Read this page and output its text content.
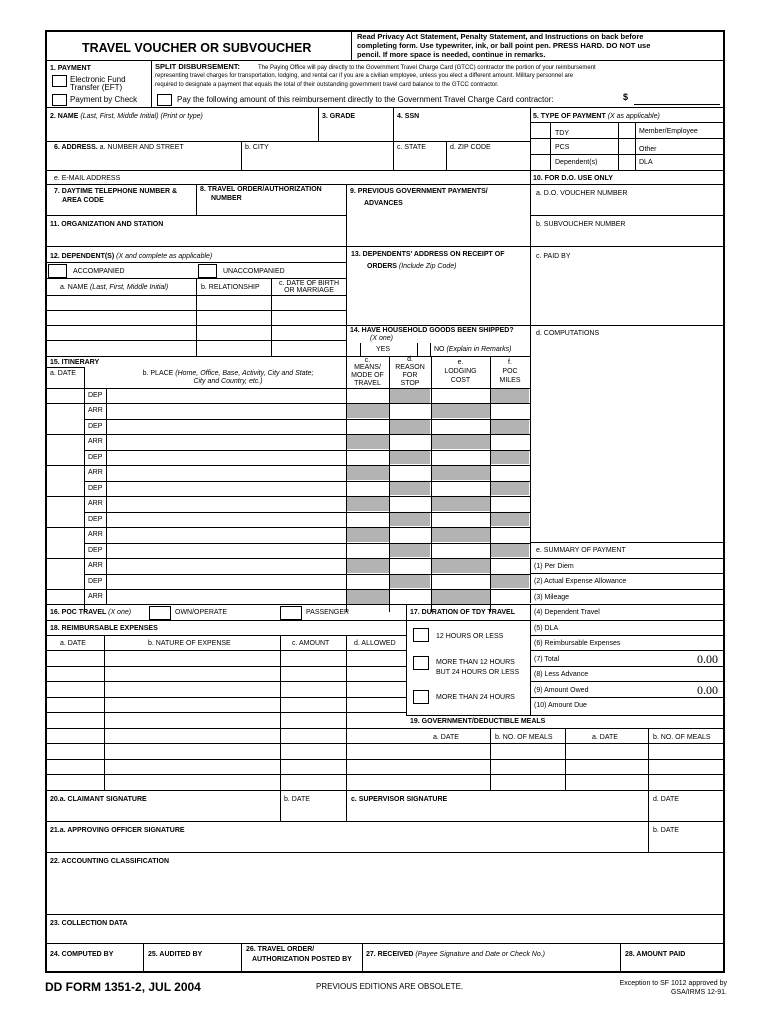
TRAVEL VOUCHER OR SUBVOUCHER
Read Privacy Act Statement, Penalty Statement, and Instructions on back before
completing form. Use typewriter, ink, or ball point pen. PRESS HARD. DO NOT use
pencil. If more space is needed, continue in remarks.
1. PAYMENT
Electronic Fund
Transfer (EFT)
Payment by Check
SPLIT DISBURSEMENT:	The Paying Office will pay directly to the Government Travel Charge Card (GTCC) contractor the portion of your reimbursement
representing travel charges for transportation, lodging, and rental car if you are a civilian employee, unless you elect a different amount. Military personnel are
required to designate a payment that equals the total of their outstanding government travel card balance to the GTCC contractor.
Pay the following amount of this reimbursement directly to the Government Travel Charge Card contractor:	$
2. NAME (Last, First, Middle Initial) (Print or type)	3. GRADE	4. SSN	5. TYPE OF PAYMENT (X as applicable)
TDY	Member/Employee
PCS	Other
Dependent(s)	DLA
6. ADDRESS. a. NUMBER AND STREET	b. CITY	c. STATE	d. ZIP CODE
e. E-MAIL ADDRESS	10. FOR D.O. USE ONLY
7. DAYTIME TELEPHONE NUMBER &
AREA CODE
8. TRAVEL ORDER/AUTHORIZATION
NUMBER
9. PREVIOUS GOVERNMENT PAYMENTS/
ADVANCES
a. D.O. VOUCHER NUMBER
11. ORGANIZATION AND STATION	b. SUBVOUCHER NUMBER
12. DEPENDENT(S) (X and complete as applicable)	13. DEPENDENTS' ADDRESS ON RECEIPT OF
ORDERS (Include Zip Code)
c. PAID BY
ACCOMPANIED	UNACCOMPANIED
a. NAME (Last, First, Middle Initial)	b. RELATIONSHIP
c. DATE OF BIRTH
OR MARRIAGE
14. HAVE HOUSEHOLD GOODS BEEN SHIPPED?
(X one)
d. COMPUTATIONS
YES	NO (Explain in Remarks)
15. ITINERARY
a. DATE	b. PLACE (Home, Office, Base, Activity, City and State;
City and Country, etc.)
c.
MEANS/
MODE OF
TRAVEL
d.
REASON
FOR
STOP
e.
LODGING
COST
f.
POC
MILES
DEP
ARR
DEP
ARR
DEP
ARR
DEP
ARR
DEP
ARR
DEP
ARR
DEP
ARR
e. SUMMARY OF PAYMENT
(1) Per Diem
(2) Actual Expense Allowance
(3) Mileage
(4) Dependent Travel
(5) DLA
(6) Reimbursable Expenses
(7) Total	0.00
(8) Less Advance
(9) Amount Owed	0.00
(10) Amount Due
16. POC TRAVEL (X one)	OWN/OPERATE	PASSENGER	17. DURATION OF TDY TRAVEL
18. REIMBURSABLE EXPENSES
a. DATE	b. NATURE OF EXPENSE	c. AMOUNT	d. ALLOWED
12 HOURS OR LESS
MORE THAN 12 HOURS
BUT 24 HOURS OR LESS
MORE THAN 24 HOURS
19. GOVERNMENT/DEDUCTIBLE MEALS
a. DATE	b. NO. OF MEALS	a. DATE	b. NO. OF MEALS
20.a. CLAIMANT SIGNATURE	b. DATE	c. SUPERVISOR SIGNATURE	d. DATE
21.a. APPROVING OFFICER SIGNATURE	b. DATE
22. ACCOUNTING CLASSIFICATION
23. COLLECTION DATA
24. COMPUTED BY	25. AUDITED BY
26. TRAVEL ORDER/
AUTHORIZATION POSTED BY
27. RECEIVED (Payee Signature and Date or Check No.)	28. AMOUNT PAID
DD FORM 1351-2, JUL 2004	PREVIOUS EDITIONS ARE OBSOLETE.	Exception to SF 1012 approved by
GSA/IRMS 12-91.
